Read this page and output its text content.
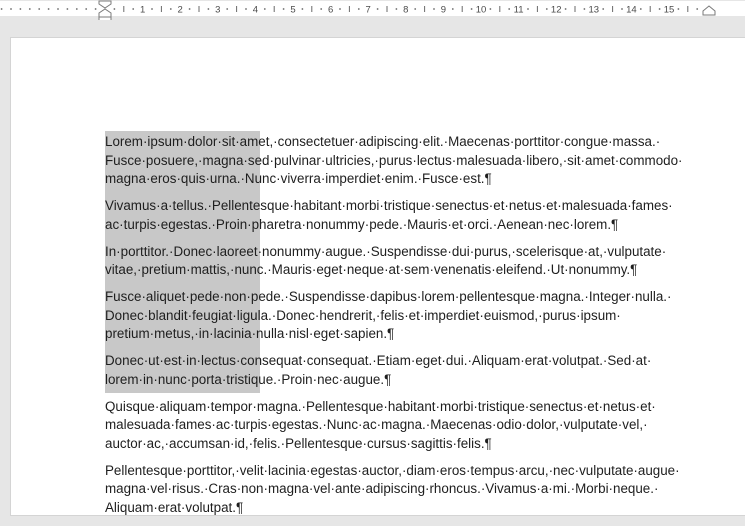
1	2	3	4	5	6	7	8	9	10	11	12	13	14	15

Lorem·ipsum·dolor·sit·amet,·consectetuer·adipiscing·elit.·Maecenas·porttitor·congue·massa.·
Fusce·posuere,·magna·sed·pulvinar·ultricies,·purus·lectus·malesuada·libero,·sit·amet·commodo·
magna·eros·quis·urna.·Nunc·viverra·imperdiet·enim.·Fusce·est.¶

Vivamus·a·tellus.·Pellentesque·habitant·morbi·tristique·senectus·et·netus·et·malesuada·fames·
ac·turpis·egestas.·Proin·pharetra·nonummy·pede.·Mauris·et·orci.·Aenean·nec·lorem.¶

In·porttitor.·Donec·laoreet·nonummy·augue.·Suspendisse·dui·purus,·scelerisque·at,·vulputate·
vitae,·pretium·mattis,·nunc.·Mauris·eget·neque·at·sem·venenatis·eleifend.·Ut·nonummy.¶

Fusce·aliquet·pede·non·pede.·Suspendisse·dapibus·lorem·pellentesque·magna.·Integer·nulla.·
Donec·blandit·feugiat·ligula.·Donec·hendrerit,·felis·et·imperdiet·euismod,·purus·ipsum·
pretium·metus,·in·lacinia·nulla·nisl·eget·sapien.¶

Donec·ut·est·in·lectus·consequat·consequat.·Etiam·eget·dui.·Aliquam·erat·volutpat.·Sed·at·
lorem·in·nunc·porta·tristique.·Proin·nec·augue.¶

Quisque·aliquam·tempor·magna.·Pellentesque·habitant·morbi·tristique·senectus·et·netus·et·
malesuada·fames·ac·turpis·egestas.·Nunc·ac·magna.·Maecenas·odio·dolor,·vulputate·vel,·
auctor·ac,·accumsan·id,·felis.·Pellentesque·cursus·sagittis·felis.¶

Pellentesque·porttitor,·velit·lacinia·egestas·auctor,·diam·eros·tempus·arcu,·nec·vulputate·augue·
magna·vel·risus.·Cras·non·magna·vel·ante·adipiscing·rhoncus.·Vivamus·a·mi.·Morbi·neque.·
Aliquam·erat·volutpat.¶
